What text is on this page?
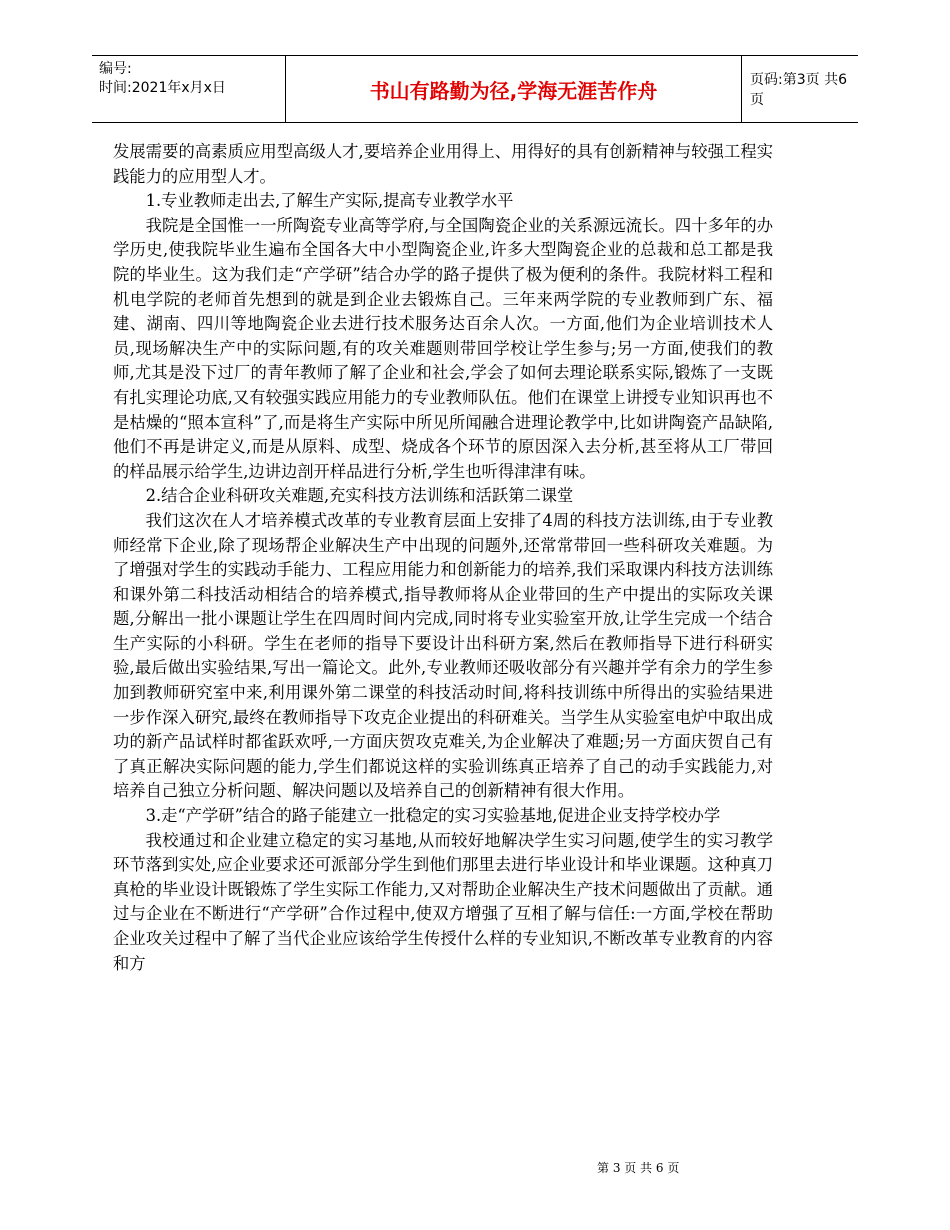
编号:
时间:2021年x月x日	书山有路勤为径,学海无涯苦作舟	页码:第3页 共6页

发展需要的高素质应用型高级人才,要培养企业用得上、用得好的具有创新精神与较强工程实践能力的应用型人才。

1.专业教师走出去,了解生产实际,提高专业教学水平

我院是全国惟一一所陶瓷专业高等学府,与全国陶瓷企业的关系源远流长。四十多年的办学历史,使我院毕业生遍布全国各大中小型陶瓷企业,许多大型陶瓷企业的总裁和总工都是我院的毕业生。这为我们走“产学研”结合办学的路子提供了极为便利的条件。我院材料工程和机电学院的老师首先想到的就是到企业去锻炼自己。三年来两学院的专业教师到广东、福建、湖南、四川等地陶瓷企业去进行技术服务达百余人次。一方面,他们为企业培训技术人员,现场解决生产中的实际问题,有的攻关难题则带回学校让学生参与;另一方面,使我们的教师,尤其是没下过厂的青年教师了解了企业和社会,学会了如何去理论联系实际,锻炼了一支既有扎实理论功底,又有较强实践应用能力的专业教师队伍。他们在课堂上讲授专业知识再也不是枯燥的“照本宣科”了,而是将生产实际中所见所闻融合进理论教学中,比如讲陶瓷产品缺陷,他们不再是讲定义,而是从原料、成型、烧成各个环节的原因深入去分析,甚至将从工厂带回的样品展示给学生,边讲边剖开样品进行分析,学生也听得津津有味。

2.结合企业科研攻关难题,充实科技方法训练和活跃第二课堂

我们这次在人才培养模式改革的专业教育层面上安排了4周的科技方法训练,由于专业教师经常下企业,除了现场帮企业解决生产中出现的问题外,还常常带回一些科研攻关难题。为了增强对学生的实践动手能力、工程应用能力和创新能力的培养,我们采取课内科技方法训练和课外第二科技活动相结合的培养模式,指导教师将从企业带回的生产中提出的实际攻关课题,分解出一批小课题让学生在四周时间内完成,同时将专业实验室开放,让学生完成一个结合生产实际的小科研。学生在老师的指导下要设计出科研方案,然后在教师指导下进行科研实验,最后做出实验结果,写出一篇论文。此外,专业教师还吸收部分有兴趣并学有余力的学生参加到教师研究室中来,利用课外第二课堂的科技活动时间,将科技训练中所得出的实验结果进一步作深入研究,最终在教师指导下攻克企业提出的科研难关。当学生从实验室电炉中取出成功的新产品试样时都雀跃欢呼,一方面庆贺攻克难关,为企业解决了难题;另一方面庆贺自己有了真正解决实际问题的能力,学生们都说这样的实验训练真正培养了自己的动手实践能力,对培养自己独立分析问题、解决问题以及培养自己的创新精神有很大作用。

3.走“产学研”结合的路子能建立一批稳定的实习实验基地,促进企业支持学校办学

我校通过和企业建立稳定的实习基地,从而较好地解决学生实习问题,使学生的实习教学环节落到实处,应企业要求还可派部分学生到他们那里去进行毕业设计和毕业课题。这种真刀真枪的毕业设计既锻炼了学生实际工作能力,又对帮助企业解决生产技术问题做出了贡献。通过与企业在不断进行“产学研”合作过程中,使双方增强了互相了解与信任:一方面,学校在帮助企业攻关过程中了解了当代企业应该给学生传授什么样的专业知识,不断改革专业教育的内容和方

第 3 页 共 6 页
